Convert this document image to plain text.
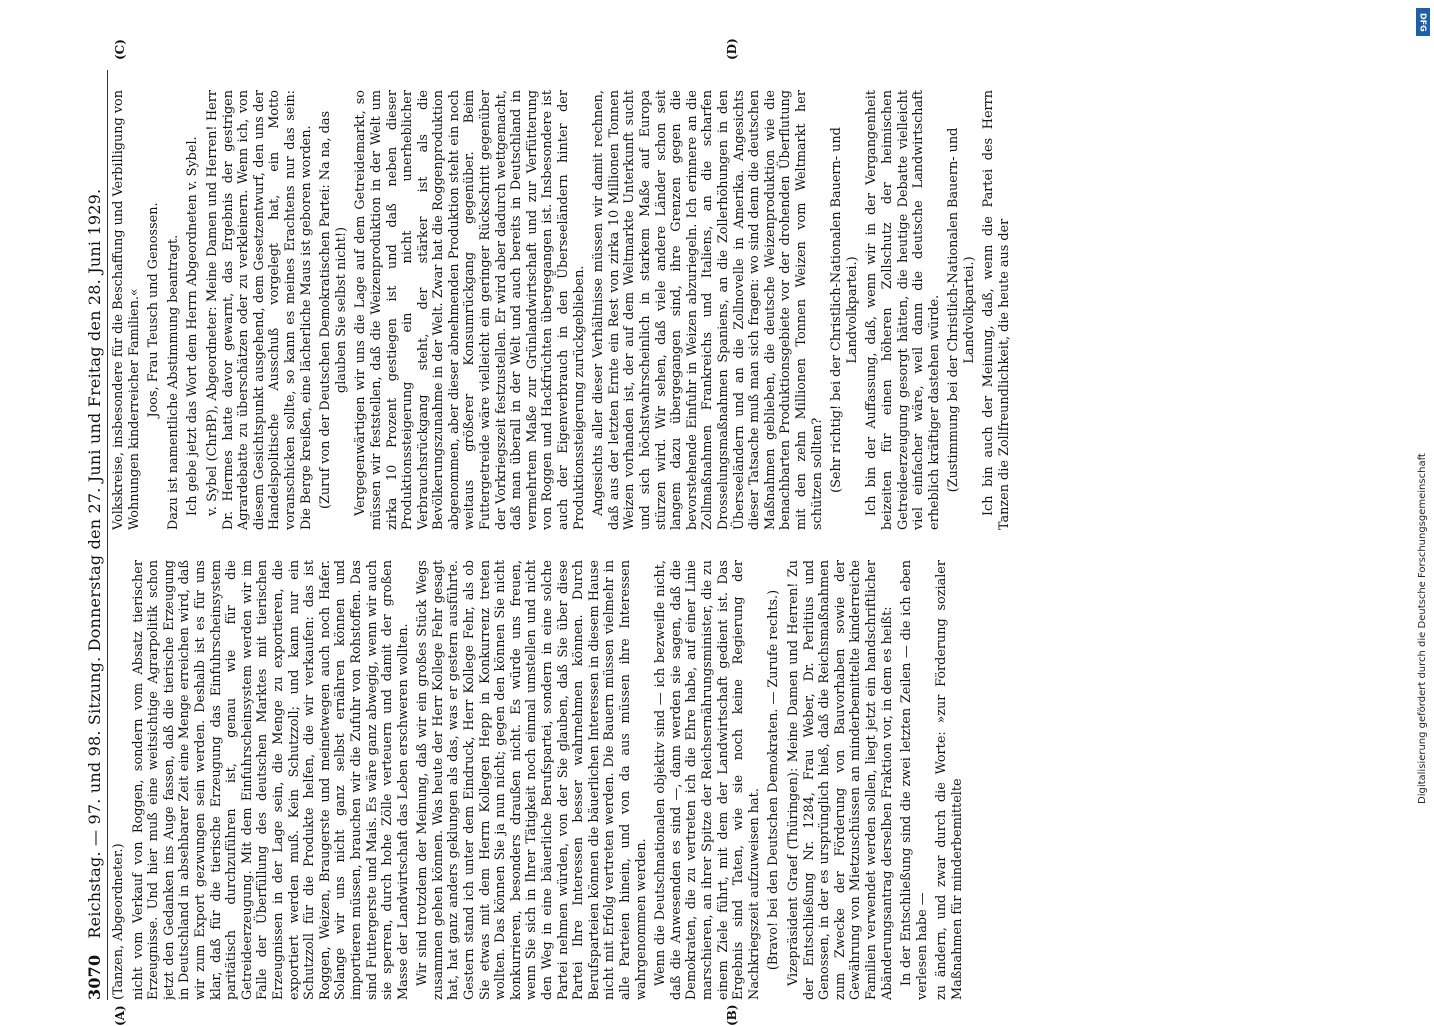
3070
Reichstag. — 97. und 98. Sitzung. Donnerstag den 27. Juni und Freitag den 28. Juni 1929. (Tanzen, Abgeordneter.) nicht vom Verkauf von Roggen, sondern vom Absatz tierischer Erzeugnisse. Und hier muß eine weitsichtige Agrarpolitik schon jetzt den Gedanken ins Auge fassen, daß die tierische Erzeugung in Deutschland in absehbarer Zeit eine Menge erreichen wird, daß wir zum Export gezwungen sein werden. Deshalb ist es für uns klar, daß für die tierische Erzeugung das Einfuhrscheinsystem paritätisch durchzuführen ist, genau wie für die Getreideerzeugung. Mit dem Einfuhrscheinsystem werden wir im Falle der Überfüllung des deutschen Marktes mit tierischen Erzeugnissen in der Lage sein, die Menge zu exportieren, die exportiert werden muß. Kein Schutzzoll; und kann nur ein Schutzzoll für die Produkte helfen, die wir verkaufen: das ist Roggen, Weizen, Braugerste und meinetwegen auch noch Hafer. Solange wir uns nicht ganz selbst ernähren können und importieren müssen, brauchen wir die Zufuhr von Rohstoffen. Das sind Futtergerste und Mais. Es wäre ganz abwegig, wenn wir auch sie sperren, durch hohe Zölle verteuern und damit der großen Masse der Landwirtschaft das Leben erschweren wollten. Wir sind trotzdem der Meinung, daß wir ein großes Stück Wegs zusammen gehen können. Was heute der Herr Kollege Fehr gesagt hat, hat ganz anders geklungen als das, was er gestern ausführte. Gestern stand ich unter dem Eindruck, Herr Kollege Fehr, als ob Sie etwas mit dem Herrn Kollegen Hepp in Konkurrenz treten wollten. Das können Sie ja nun nicht; gegen den können Sie nicht konkurrieren, besonders draußen nicht. Es würde uns freuen, wenn Sie sich in Ihrer Tätigkeit noch einmal umstellen und nicht den Weg in eine bäuerliche Berufspartei, sondern in eine solche Partei nehmen würden, von der Sie glauben, daß Sie über diese Partei Ihre Interessen besser wahrnehmen können. Durch Berufsparteien können die bäuerlichen Interessen in diesem Hause nicht mit Erfolg vertreten werden. Die Bauern müssen vielmehr in alle Parteien hinein, und von da aus müssen ihre Interessen wahrgenommen werden. Wenn die Deutschnationalen objektiv sind — ich bezweifle nicht, daß die Anwesenden es sind —, dann werden sie sagen, daß die Demokraten, die zu vertreten ich die Ehre habe, auf einer Linie marschieren, an ihrer Spitze der Reichsernährungsminister, die zu einem Ziele führt, mit dem der Landwirtschaft gedient ist. Das Ergebnis sind Taten, wie sie noch keine Regierung der Nachkriegszeit aufzuweisen hat. (Bravo! bei den Deutschen Demokraten. — Zurufe rechts.) Vizepräsident Graef (Thüringen): Meine Damen und Herren! Zu der Entschließung Nr. 1284, Frau Weber, Dr. Perlitius und Genossen, in der es ursprünglich hieß, daß die Reichsmaßnahmen zum Zwecke der Förderung von Bauvorhaben sowie der Gewährung von Mietzuschüssen an minderbemittelte kinderreiche Familien verwendet werden sollen, liegt jetzt ein handschriftlicher Abänderungsantrag derselben Fraktion vor, in dem es heißt: In der Entschließung sind die zwei letzten Zeilen — die ich eben verlesen habe — zu ändern, und zwar durch die Worte: »zur Förderung sozialer Maßnahmen für minderbemittelte

Volkskreise, insbesondere für die Beschaffung und Verbilligung von Wohnungen kinderreicher Familien.« Joos, Frau Teusch und Genossen. Dazu ist namentliche Abstimmung beantragt. Ich gebe jetzt das Wort dem Herrn Abgeordneten v. Sybel. v. Sybel (ChrBP), Abgeordneter: Meine Damen und Herren! Herr Dr. Hermes hatte davor gewarnt, das Ergebnis der gestrigen Agrardebatte zu überschätzen oder zu verkleinern. Wenn ich, von diesem Gesichtspunkt ausgehend, dem Gesetzentwurf, den uns der Handelspolitische Ausschuß vorgelegt hat, ein Motto voranschicken sollte, so kann es meines Erachtens nur das sein: Die Berge kreißen, eine lächerliche Maus ist geboren worden. (Zuruf von der Deutschen Demokratischen Partei: Na na, das glauben Sie selbst nicht!) Vergegenwärtigen wir uns die Lage auf dem Getreidemarkt, so müssen wir feststellen, daß die Weizenproduktion in der Welt um zirka 10 Prozent gestiegen ist und daß neben dieser Produktionssteigerung ein nicht unerheblicher Verbrauchsrückgang steht, der stärker ist als die Bevölkerungszunahme in der Welt. Zwar hat die Roggenproduktion abgenommen, aber dieser abnehmenden Produktion steht ein noch weitaus größerer Konsumrückgang gegenüber. Beim Futtergetreide wäre vielleicht ein geringer Rückschritt gegenüber der Vorkriegszeit festzustellen. Er wird aber dadurch wettgemacht, daß man überall in der Welt und auch bereits in Deutschland in vermehrtem Maße zur Grünlandwirtschaft und zur Verfütterung von Roggen und Hackfrüchten übergegangen ist. Insbesondere ist auch der Eigenverbrauch in den Überseeländern hinter der Produktionssteigerung zurückgeblieben. Angesichts aller dieser Verhältnisse müssen wir damit rechnen, daß aus der letzten Ernte ein Rest von zirka 10 Millionen Tonnen Weizen vorhanden ist, der auf dem Weltmarkte Unterkunft sucht und sich höchstwahrscheinlich in starkem Maße auf Europa stürzen wird. Wir sehen, daß viele andere Länder schon seit langem dazu übergegangen sind, ihre Grenzen gegen die bevorstehende Einfuhr in Weizen abzuriegeln. Ich erinnere an die Zollmaßnahmen Frankreichs und Italiens, an die scharfen Drosselungsmaßnahmen Spaniens, an die Zollerhöhungen in den Überseeländern und an die Zollnovelle in Amerika. Angesichts dieser Tatsache muß man sich fragen: wo sind denn die deutschen Maßnahmen geblieben, die deutsche Weizenproduktion wie die benachbarten Produktionsgebiete vor der drohenden Überflutung mit den zehn Millionen Tonnen Weizen vom Weltmarkt her schützen sollten? (Sehr richtig! bei der Christlich-Nationalen Bauern- und Landvolkpartei.) Ich bin der Auffassung, daß, wenn wir in der Vergangenheit beizeiten für einen höheren Zollschutz der heimischen Getreideerzeugung gesorgt hätten, die heutige Debatte vielleicht viel einfacher wäre, weil dann die deutsche Landwirtschaft erheblich kräftiger dastehen würde. (Zustimmung bei der Christlich-Nationalen Bauern- und Landvolkpartei.) Ich bin auch der Meinung, daß, wenn die Partei des Herrn Tanzen die Zollfreundlichkeit, die heute aus der

(A)	(B)
(C)	(D)
DFG
Digitalisierung gefördert durch die Deutsche Forschungsgemeinschaft
